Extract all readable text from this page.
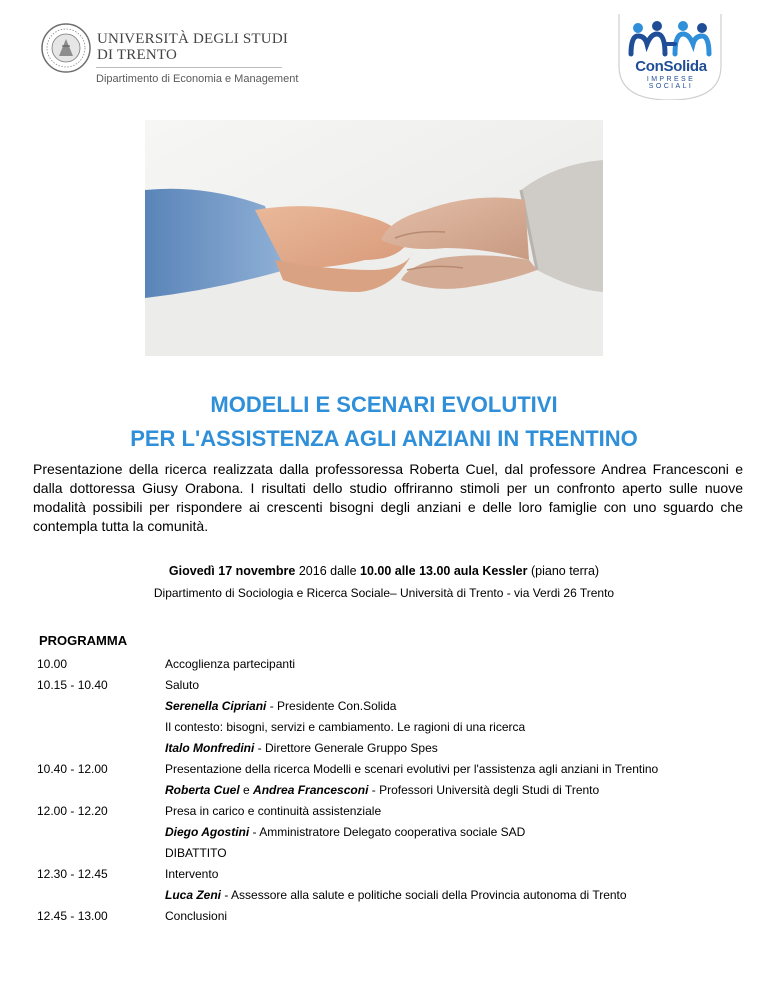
UNIVERSITÀ DEGLI STUDI
DI TRENTO
Dipartimento di Economia e Management
ConSolida
IMPRESE SOCIALI
MODELLI E SCENARI EVOLUTIVI
PER L'ASSISTENZA AGLI ANZIANI IN TRENTINO
Presentazione della ricerca realizzata dalla professoressa Roberta Cuel, dal professore Andrea Francesconi e dalla dottoressa Giusy Orabona. I risultati dello studio offriranno stimoli per un confronto aperto sulle nuove modalità possibili per rispondere ai crescenti bisogni degli anziani e delle loro famiglie con uno sguardo che contempla tutta la comunità.
Giovedì 17 novembre 2016 dalle 10.00 alle 13.00 aula Kessler (piano terra)
Dipartimento di Sociologia e Ricerca Sociale– Università di Trento - via Verdi 26 Trento
PROGRAMMA
10.00	Accoglienza partecipanti
10.15 - 10.40	Saluto
Serenella Cipriani - Presidente Con.Solida
Il contesto: bisogni, servizi e cambiamento. Le ragioni di una ricerca
Italo Monfredini - Direttore Generale Gruppo Spes
10.40 - 12.00	Presentazione della ricerca Modelli e scenari evolutivi per l'assistenza agli anziani in Trentino
Roberta Cuel e Andrea Francesconi - Professori Università degli Studi di Trento
12.00 - 12.20	Presa in carico e continuità assistenziale
Diego Agostini - Amministratore Delegato cooperativa sociale SAD
DIBATTITO
12.30 - 12.45	Intervento
Luca Zeni - Assessore alla salute e politiche sociali della Provincia autonoma di Trento
12.45 - 13.00	Conclusioni
